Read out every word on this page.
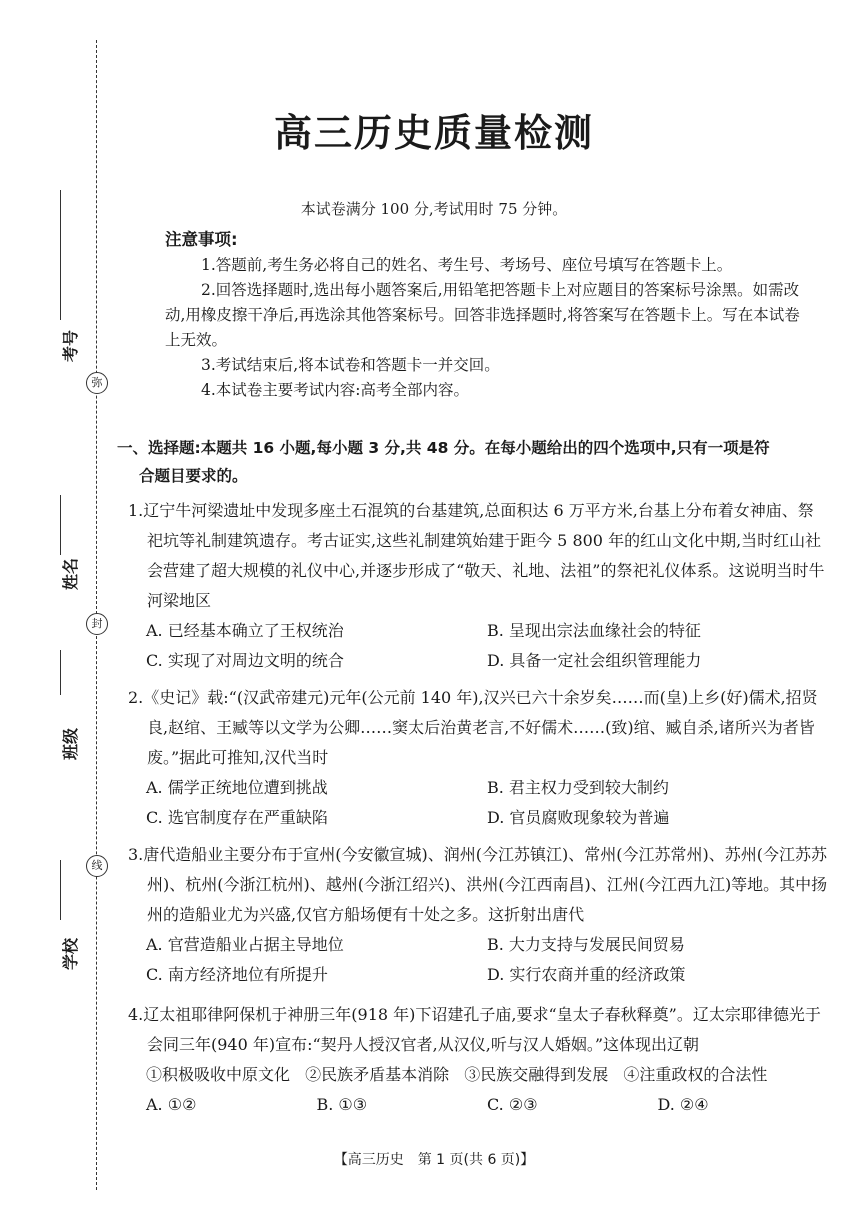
考号
姓名
班级
学校
弥
封
线
高三历史质量检测
本试卷满分 100 分,考试用时 75 分钟。
注意事项:

1.答题前,考生务必将自己的姓名、考生号、考场号、座位号填写在答题卡上。

2.回答选择题时,选出每小题答案后,用铅笔把答题卡上对应题目的答案标号涂黑。如需改动,用橡皮擦干净后,再选涂其他答案标号。回答非选择题时,将答案写在答题卡上。写在本试卷上无效。

3.考试结束后,将本试卷和答题卡一并交回。

4.本试卷主要考试内容:高考全部内容。

一、选择题:本题共 16 小题,每小题 3 分,共 48 分。在每小题给出的四个选项中,只有一项是符
合题目要求的。

1.辽宁牛河梁遗址中发现多座土石混筑的台基建筑,总面积达 6 万平方米,台基上分布着女神庙、祭祀坑等礼制建筑遗存。考古证实,这些礼制建筑始建于距今 5 800 年的红山文化中期,当时红山社会营建了超大规模的礼仪中心,并逐步形成了“敬天、礼地、法祖”的祭祀礼仪体系。这说明当时牛河梁地区

A. 已经基本确立了王权统治	B. 呈现出宗法血缘社会的特征
C. 实现了对周边文明的统合	D. 具备一定社会组织管理能力

2.《史记》载:“(汉武帝建元)元年(公元前 140 年),汉兴已六十余岁矣……而(皇)上乡(好)儒术,招贤良,赵绾、王臧等以文学为公卿……窦太后治黄老言,不好儒术……(致)绾、臧自杀,诸所兴为者皆废。”据此可推知,汉代当时

A. 儒学正统地位遭到挑战	B. 君主权力受到较大制约
C. 选官制度存在严重缺陷	D. 官员腐败现象较为普遍

3.唐代造船业主要分布于宣州(今安徽宣城)、润州(今江苏镇江)、常州(今江苏常州)、苏州(今江苏苏州)、杭州(今浙江杭州)、越州(今浙江绍兴)、洪州(今江西南昌)、江州(今江西九江)等地。其中扬州的造船业尤为兴盛,仅官方船场便有十处之多。这折射出唐代

A. 官营造船业占据主导地位	B. 大力支持与发展民间贸易
C. 南方经济地位有所提升	D. 实行农商并重的经济政策

4.辽太祖耶律阿保机于神册三年(918 年)下诏建孔子庙,要求“皇太子春秋释奠”。辽太宗耶律德光于会同三年(940 年)宣布:“契丹人授汉官者,从汉仪,听与汉人婚姻。”这体现出辽朝

①积极吸收中原文化 ②民族矛盾基本消除 ③民族交融得到发展 ④注重政权的合法性
A. ①②	B. ①③	C. ②③	D. ②④
【高三历史　第 1 页(共 6 页)】
